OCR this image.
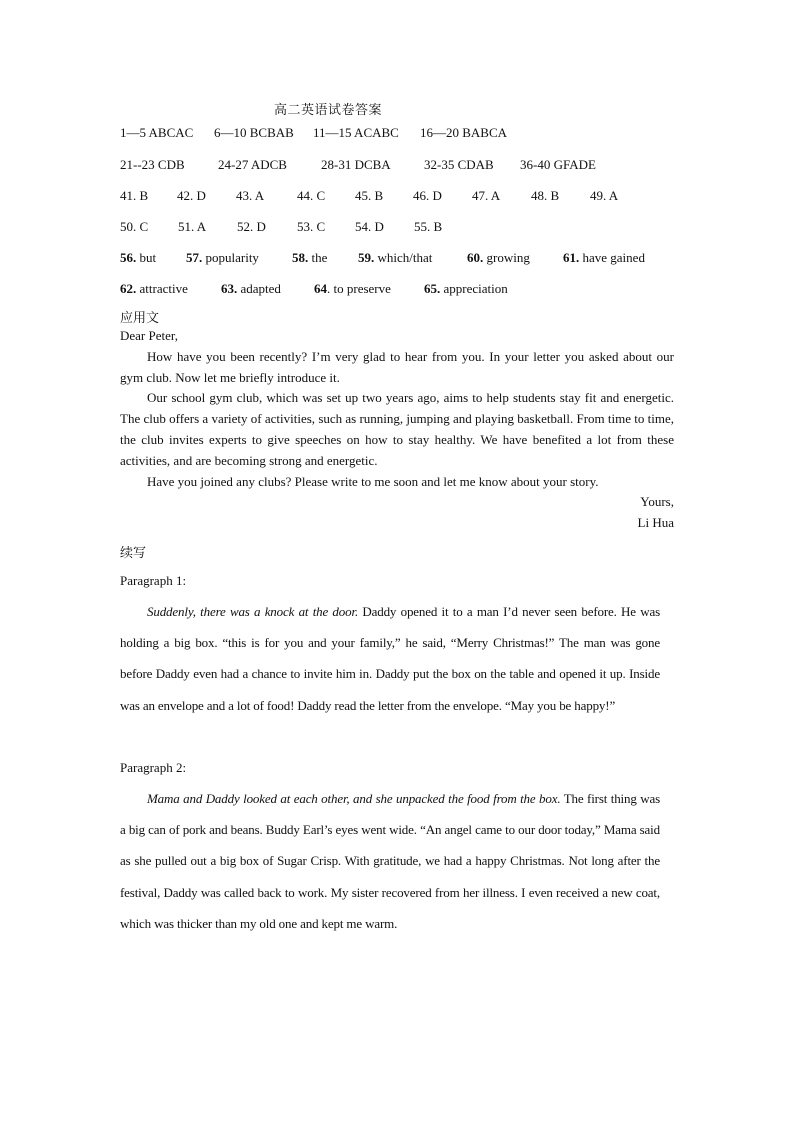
高二英语试卷答案
1—5 ABCAC 6—10 BCBAB 11—15 ACABC 16—20 BABCA
21--23 CDB	24-27 ADCB	28-31 DCBA	32-35 CDAB 36-40 GFADE
41. B 42. D 43. A	44. C 45. B 46. D 47. A 48. B 49. A
50. C 51. A 52. D 53. C 54. D 55. B
56. but 57. popularity	58. the 59. which/that	60. growing	61. have gained
62. attractive	63. adapted	64. to preserve	65. appreciation
应用文

Dear Peter,

How have you been recently? I’m very glad to hear from you. In your letter you asked about our gym club. Now let me briefly introduce it.

Our school gym club, which was set up two years ago, aims to help students stay fit and energetic. The club offers a variety of activities, such as running, jumping and playing basketball. From time to time, the club invites experts to give speeches on how to stay healthy. We have benefited a lot from these activities, and are becoming strong and energetic.

Have you joined any clubs? Please write to me soon and let me know about your story.

Yours,
Li Hua
续写
Paragraph 1:

Suddenly, there was a knock at the door. Daddy opened it to a man I’d never seen before. He was holding a big box. “this is for you and your family,” he said, “Merry Christmas!” The man was gone before Daddy even had a chance to invite him in. Daddy put the box on the table and opened it up. Inside was an envelope and a lot of food! Daddy read the letter from the envelope. “May you be happy!”

Paragraph 2:

Mama and Daddy looked at each other, and she unpacked the food from the box. The first thing was a big can of pork and beans. Buddy Earl’s eyes went wide. “An angel came to our door today,” Mama said as she pulled out a big box of Sugar Crisp. With gratitude, we had a happy Christmas. Not long after the festival, Daddy was called back to work. My sister recovered from her illness. I even received a new coat, which was thicker than my old one and kept me warm.
